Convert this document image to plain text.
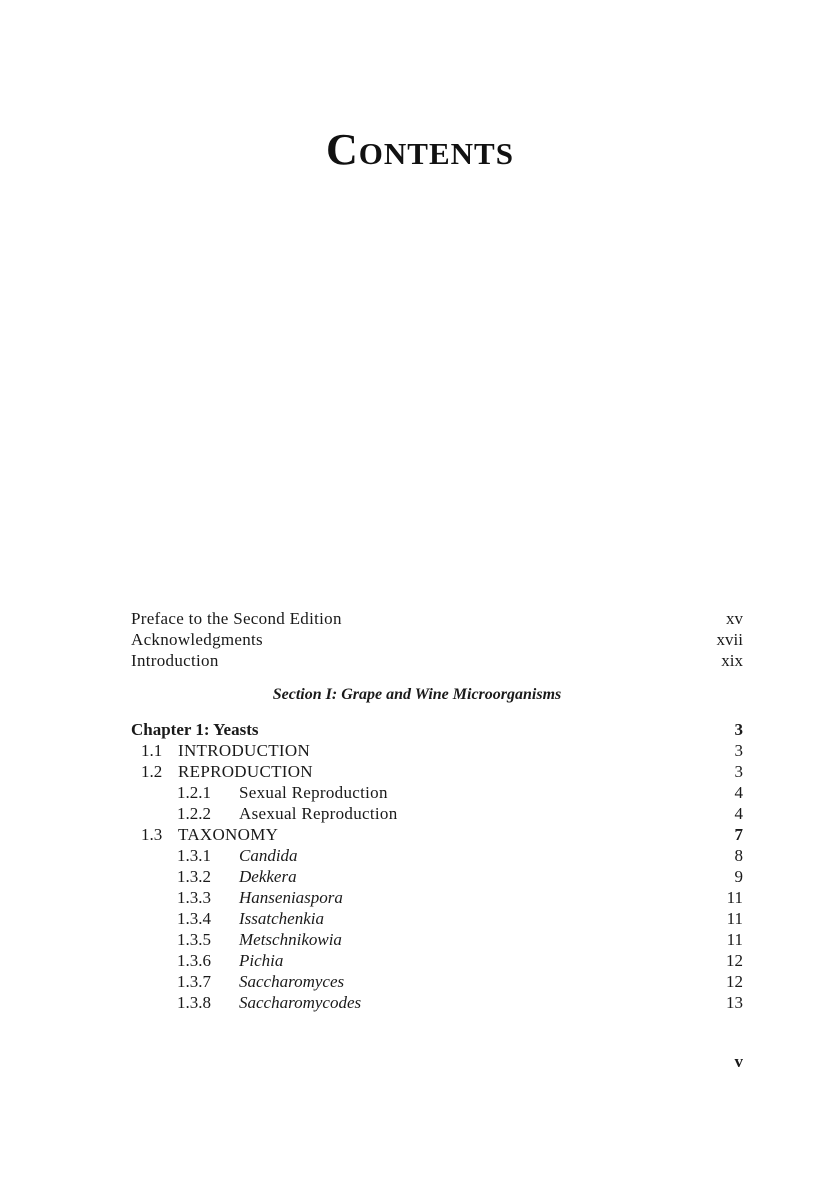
Contents
Preface to the Second Edition	xv
Acknowledgments	xvii
Introduction	xix
Section I: Grape and Wine Microorganisms
Chapter 1: Yeasts	3
1.1 INTRODUCTION	3
1.2 REPRODUCTION	3
1.2.1 Sexual Reproduction	4
1.2.2 Asexual Reproduction	4
1.3 TAXONOMY	7
1.3.1 Candida	8
1.3.2 Dekkera	9
1.3.3 Hanseniaspora	11
1.3.4 Issatchenkia	11
1.3.5 Metschnikowia	11
1.3.6 Pichia	12
1.3.7 Saccharomyces	12
1.3.8 Saccharomycodes	13
v
